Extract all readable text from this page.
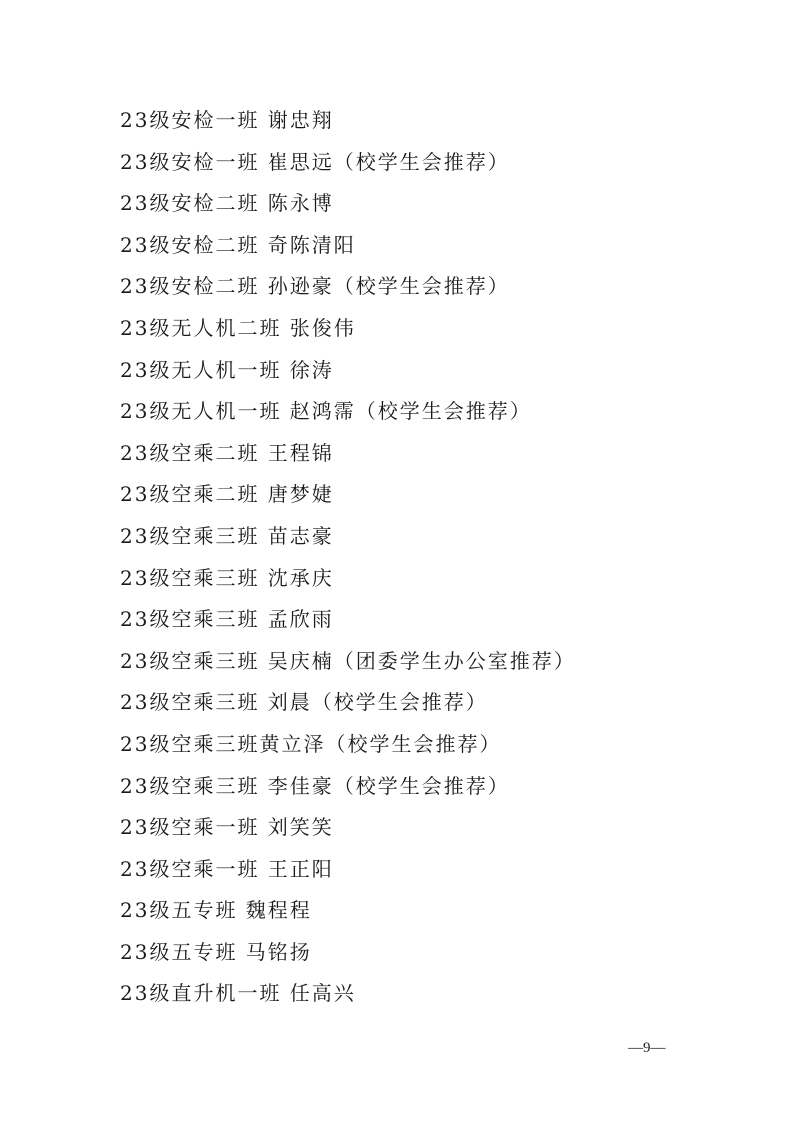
23级安检一班 谢忠翔
23级安检一班 崔思远（校学生会推荐）
23级安检二班 陈永博
23级安检二班 奇陈清阳
23级安检二班 孙逊豪（校学生会推荐）
23级无人机二班 张俊伟
23级无人机一班 徐涛
23级无人机一班 赵鸿霈（校学生会推荐）
23级空乘二班 王程锦
23级空乘二班 唐梦婕
23级空乘三班 苗志豪
23级空乘三班 沈承庆
23级空乘三班 孟欣雨
23级空乘三班 吴庆楠（团委学生办公室推荐）
23级空乘三班 刘晨（校学生会推荐）
23级空乘三班黄立泽（校学生会推荐）
23级空乘三班 李佳豪（校学生会推荐）
23级空乘一班 刘笑笑
23级空乘一班 王正阳
23级五专班 魏程程
23级五专班 马铭扬
23级直升机一班 任高兴
—9—
